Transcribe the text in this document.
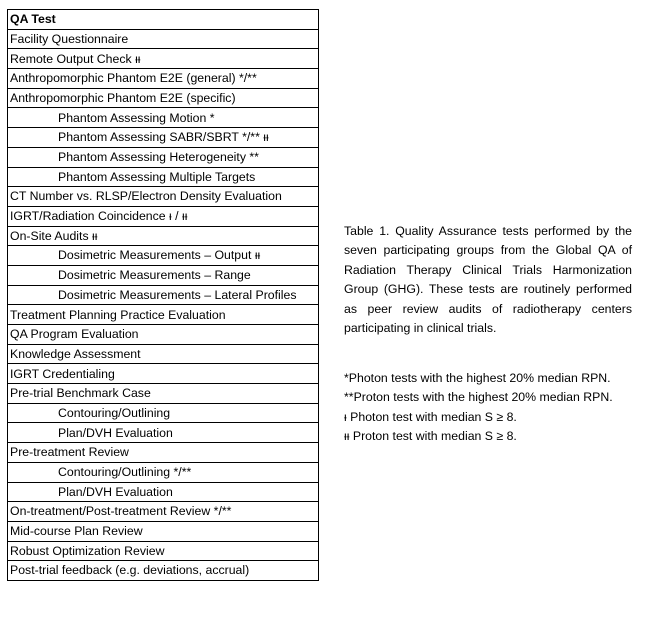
QA Test
Facility Questionnaire
Remote Output Check ᵻᵻ
Anthropomorphic Phantom E2E (general) */**
Anthropomorphic Phantom E2E (specific)
Phantom Assessing Motion *
Phantom Assessing SABR/SBRT */** ᵻᵻ
Phantom Assessing Heterogeneity **
Phantom Assessing Multiple Targets
CT Number vs. RLSP/Electron Density Evaluation
IGRT/Radiation Coincidence ᵻ / ᵻᵻ
On-Site Audits ᵻᵻ
Dosimetric Measurements – Output ᵻᵻ
Dosimetric Measurements – Range
Dosimetric Measurements – Lateral Profiles
Treatment Planning Practice Evaluation
QA Program Evaluation
Knowledge Assessment
IGRT Credentialing
Pre-trial Benchmark Case
Contouring/Outlining
Plan/DVH Evaluation
Pre-treatment Review
Contouring/Outlining */**
Plan/DVH Evaluation
On-treatment/Post-treatment Review */**
Mid-course Plan Review
Robust Optimization Review
Post-trial feedback (e.g. deviations, accrual)

Table 1. Quality Assurance tests performed by the seven participating groups from the Global QA of Radiation Therapy Clinical Trials Harmonization Group (GHG). These tests are routinely performed as peer review audits of radiotherapy centers participating in clinical trials.

*Photon tests with the highest 20% median RPN.

**Proton tests with the highest 20% median RPN.

ᵻ Photon test with median S ≥ 8.

ᵻᵻ Proton test with median S ≥ 8.
